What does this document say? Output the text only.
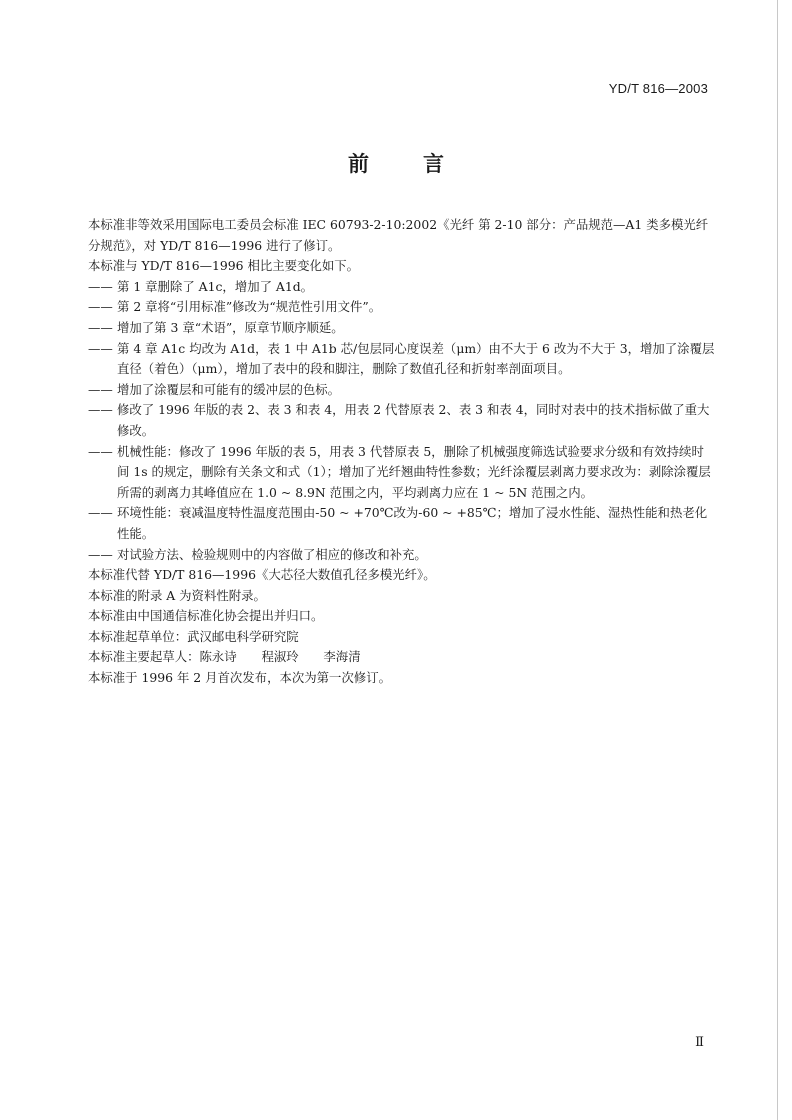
YD/T 816—2003
前言

本标准非等效采用国际电工委员会标准 IEC 60793-2-10:2002《光纤 第 2-10 部分：产品规范—A1 类多模光纤分规范》，对 YD/T 816—1996 进行了修订。

本标准与 YD/T 816—1996 相比主要变化如下。

—— 第 1 章删除了 A1c，增加了 A1d。

—— 第 2 章将“引用标准”修改为“规范性引用文件”。

—— 增加了第 3 章“术语”，原章节顺序顺延。

—— 第 4 章 A1c 均改为 A1d，表 1 中 A1b 芯/包层同心度误差（μm）由不大于 6 改为不大于 3，增加了涂覆层直径（着色）（μm），增加了表中的段和脚注，删除了数值孔径和折射率剖面项目。

—— 增加了涂覆层和可能有的缓冲层的色标。

—— 修改了 1996 年版的表 2、表 3 和表 4，用表 2 代替原表 2、表 3 和表 4，同时对表中的技术指标做了重大修改。

—— 机械性能：修改了 1996 年版的表 5，用表 3 代替原表 5，删除了机械强度筛选试验要求分级和有效持续时间 1s 的规定，删除有关条文和式（1）；增加了光纤翘曲特性参数；光纤涂覆层剥离力要求改为：剥除涂覆层所需的剥离力其峰值应在 1.0 ~ 8.9N 范围之内，平均剥离力应在 1 ~ 5N 范围之内。

—— 环境性能：衰减温度特性温度范围由-50 ~ +70℃改为-60 ~ +85℃；增加了浸水性能、湿热性能和热老化性能。

—— 对试验方法、检验规则中的内容做了相应的修改和补充。

本标准代替 YD/T 816—1996《大芯径大数值孔径多模光纤》。

本标准的附录 A 为资料性附录。

本标准由中国通信标准化协会提出并归口。

本标准起草单位：武汉邮电科学研究院

本标准主要起草人：陈永诗　　程淑玲　　李海清

本标准于 1996 年 2 月首次发布，本次为第一次修订。

Ⅱ
